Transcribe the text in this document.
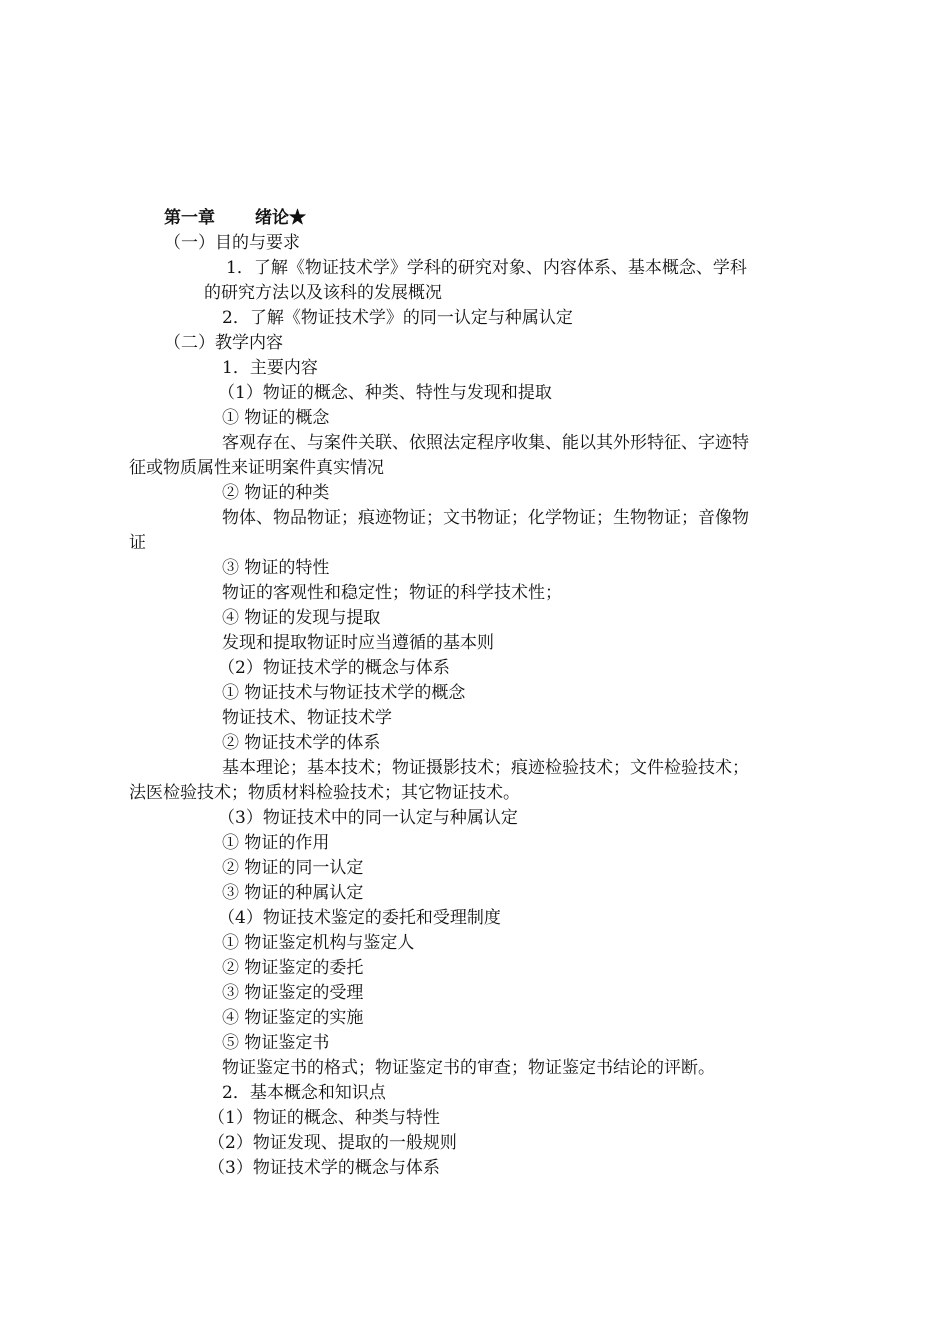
第一章 绪论★
（一）目的与要求
1．了解《物证技术学》学科的研究对象、内容体系、基本概念、学科
的研究方法以及该科的发展概况
2．了解《物证技术学》的同一认定与种属认定
（二）教学内容
1．主要内容
（1）物证的概念、种类、特性与发现和提取
① 物证的概念
客观存在、与案件关联、依照法定程序收集、能以其外形特征、字迹特
征或物质属性来证明案件真实情况
② 物证的种类
物体、物品物证；痕迹物证；文书物证；化学物证；生物物证；音像物
证
③ 物证的特性
物证的客观性和稳定性；物证的科学技术性；
④ 物证的发现与提取
发现和提取物证时应当遵循的基本则
（2）物证技术学的概念与体系
① 物证技术与物证技术学的概念
物证技术、物证技术学
② 物证技术学的体系
基本理论；基本技术；物证摄影技术；痕迹检验技术；文件检验技术；
法医检验技术；物质材料检验技术；其它物证技术。
（3）物证技术中的同一认定与种属认定
① 物证的作用
② 物证的同一认定
③ 物证的种属认定
（4）物证技术鉴定的委托和受理制度
① 物证鉴定机构与鉴定人
② 物证鉴定的委托
③ 物证鉴定的受理
④ 物证鉴定的实施
⑤ 物证鉴定书
物证鉴定书的格式；物证鉴定书的审查；物证鉴定书结论的评断。
2．基本概念和知识点
（1）物证的概念、种类与特性
（2）物证发现、提取的一般规则
（3）物证技术学的概念与体系
